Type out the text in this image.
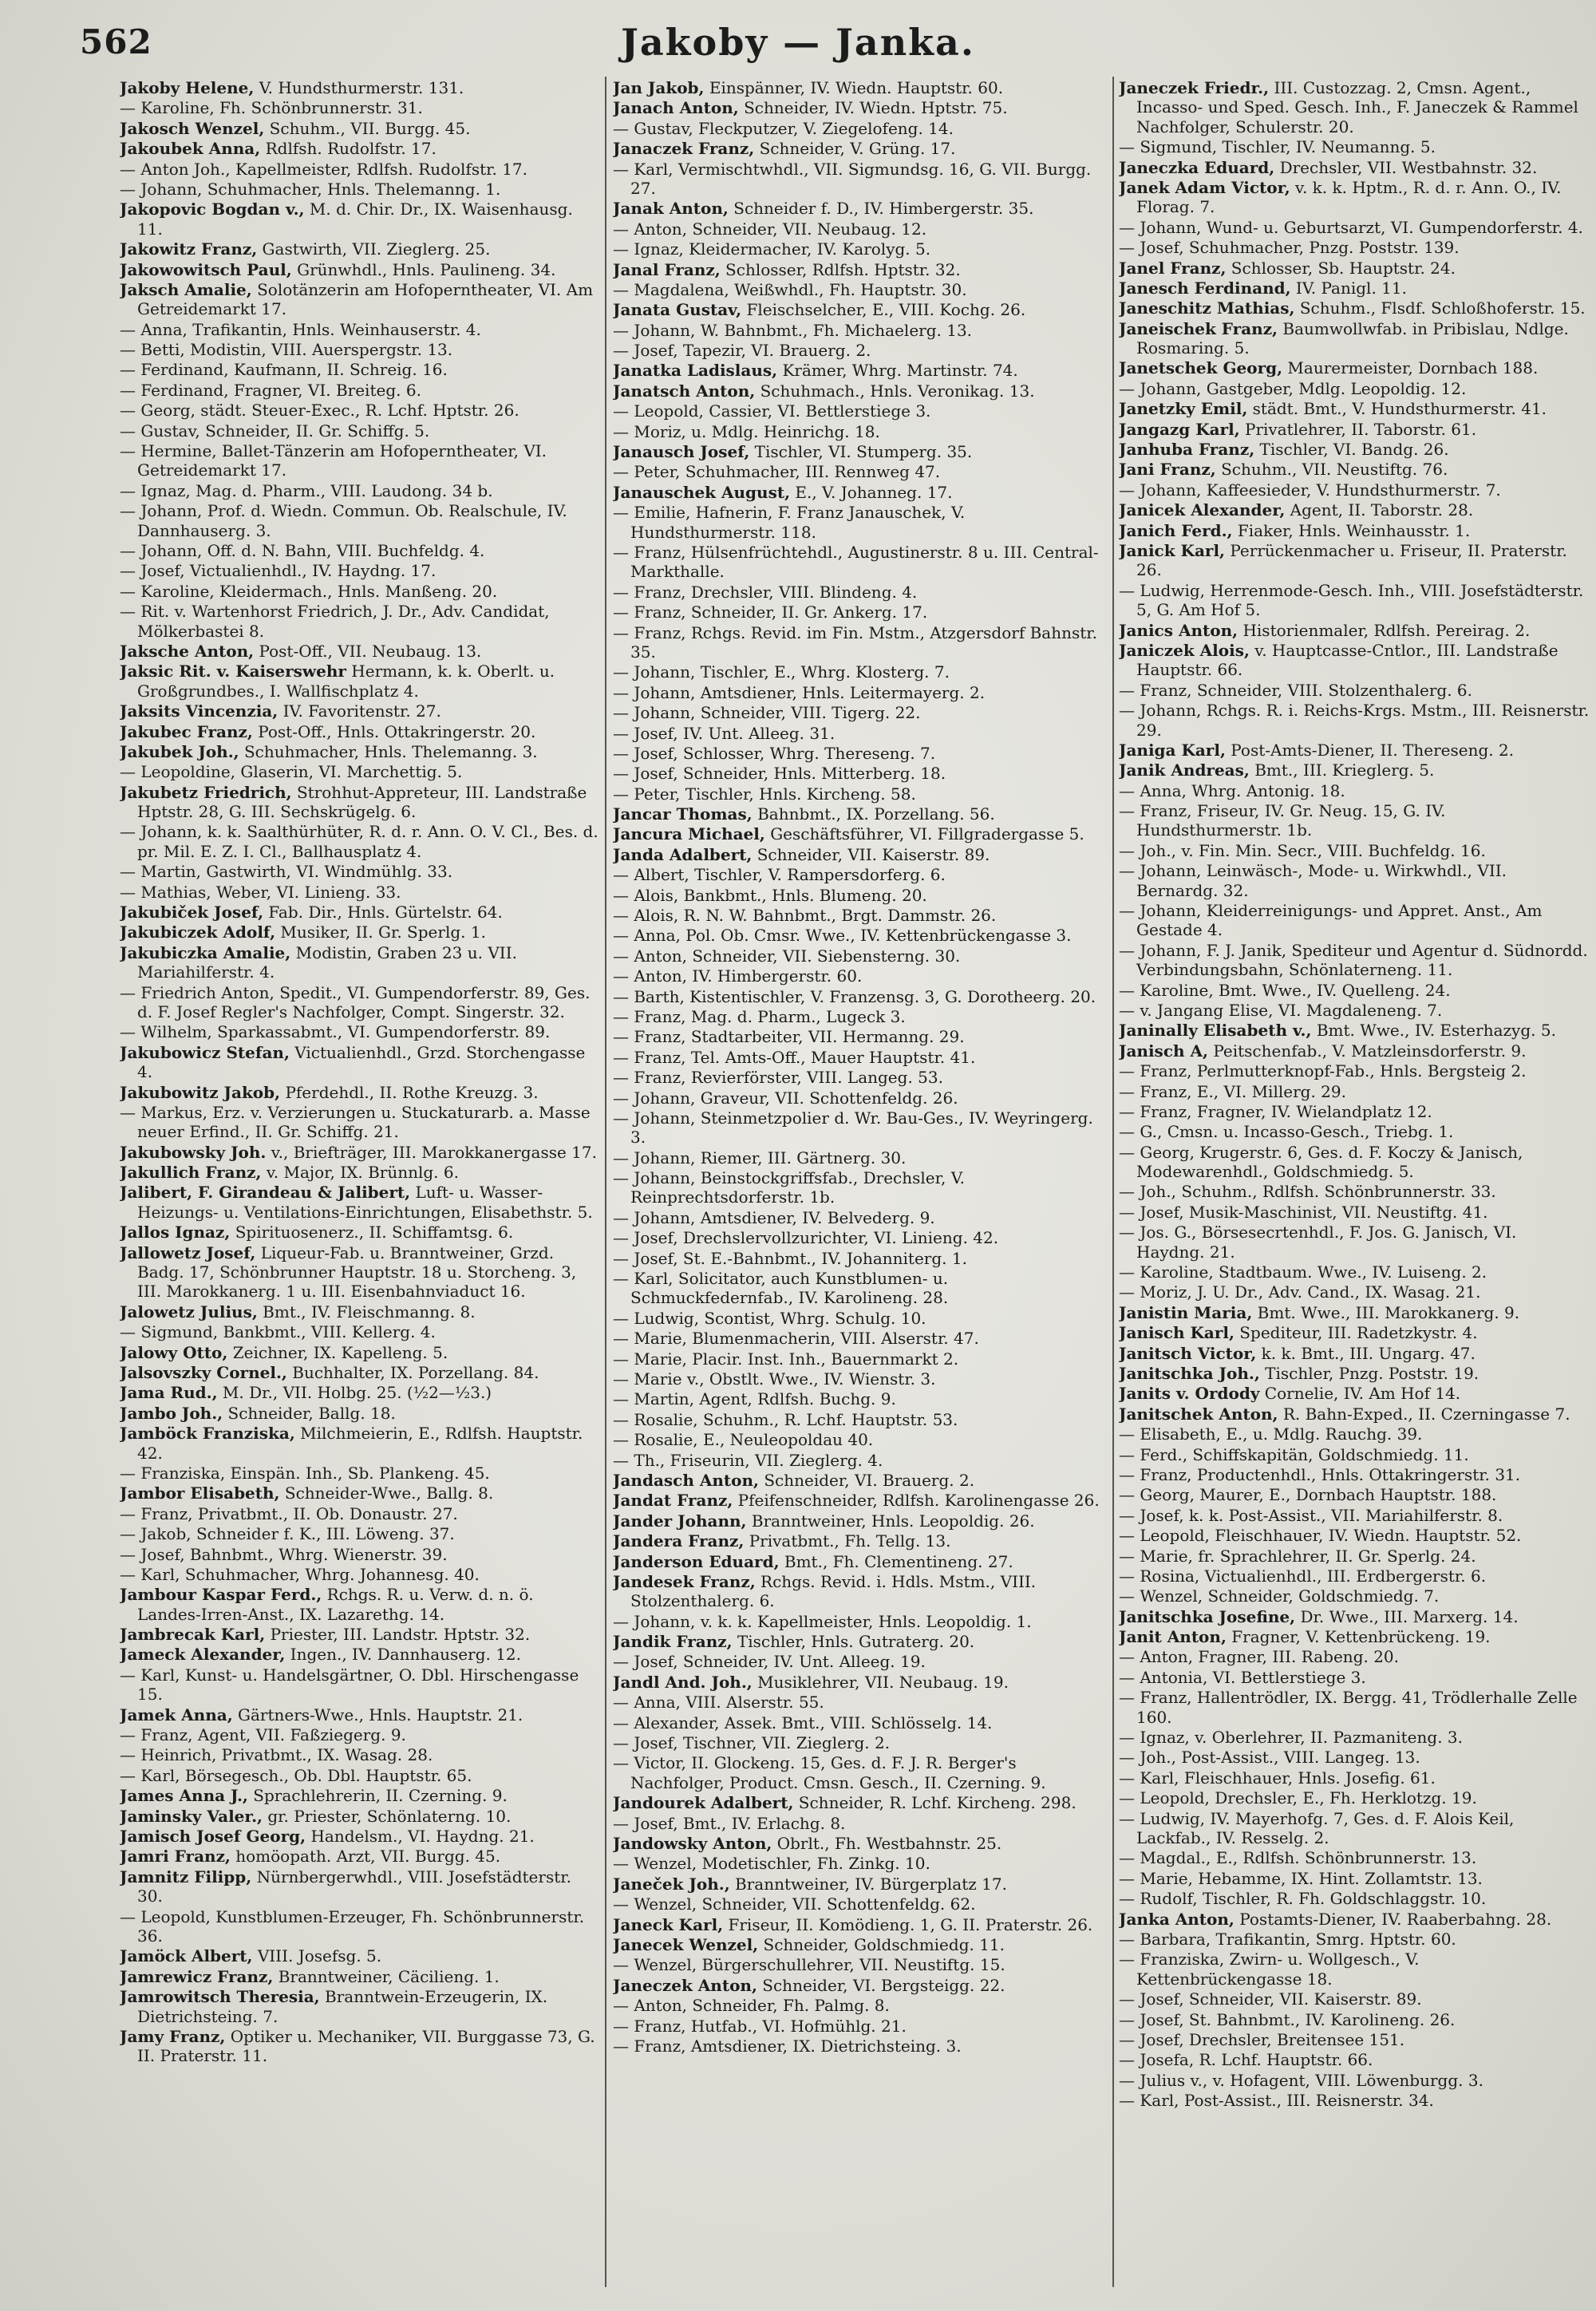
562	Jakoby — Janka.
Jakoby Helene, V. Hundsthurmerstr. 131.
— Karoline, Fh. Schönbrunnerstr. 31.
Jakosch Wenzel, Schuhm., VII. Burgg. 45.
Jakoubek Anna, Rdlfsh. Rudolfstr. 17.
— Anton Joh., Kapellmeister, Rdlfsh. Rudolfstr. 17.
— Johann, Schuhmacher, Hnls. Thelemanng. 1.
Jakopovic Bogdan v., M. d. Chir. Dr., IX. Waisenhausg. 11.
Jakowitz Franz, Gastwirth, VII. Zieglerg. 25.
Jakowowitsch Paul, Grünwhdl., Hnls. Paulineng. 34.
Jaksch Amalie, Solotänzerin am Hofoperntheater, VI. Am Getreidemarkt 17.
— Anna, Trafikantin, Hnls. Weinhauserstr. 4.
— Betti, Modistin, VIII. Auerspergstr. 13.
— Ferdinand, Kaufmann, II. Schreig. 16.
— Ferdinand, Fragner, VI. Breiteg. 6.
— Georg, städt. Steuer-Exec., R. Lchf. Hptstr. 26.
— Gustav, Schneider, II. Gr. Schiffg. 5.
— Hermine, Ballet-Tänzerin am Hofoperntheater, VI. Getreidemarkt 17.
— Ignaz, Mag. d. Pharm., VIII. Laudong. 34 b.
— Johann, Prof. d. Wiedn. Commun. Ob. Realschule, IV. Dannhauserg. 3.
— Johann, Off. d. N. Bahn, VIII. Buchfeldg. 4.
— Josef, Victualienhdl., IV. Haydng. 17.
— Karoline, Kleidermach., Hnls. Manßeng. 20.
— Rit. v. Wartenhorst Friedrich, J. Dr., Adv. Candidat, Mölkerbastei 8.
Jaksche Anton, Post-Off., VII. Neubaug. 13.
Jaksic Rit. v. Kaiserswehr Hermann, k. k. Oberlt. u. Großgrundbes., I. Wallfischplatz 4.
Jaksits Vincenzia, IV. Favoritenstr. 27.
Jakubec Franz, Post-Off., Hnls. Ottakringerstr. 20.
Jakubek Joh., Schuhmacher, Hnls. Thelemanng. 3.
— Leopoldine, Glaserin, VI. Marchettig. 5.
Jakubetz Friedrich, Strohhut-Appreteur, III. Landstraße Hptstr. 28, G. III. Sechskrügelg. 6.
— Johann, k. k. Saalthürhüter, R. d. r. Ann. O. V. Cl., Bes. d. pr. Mil. E. Z. I. Cl., Ballhausplatz 4.
— Martin, Gastwirth, VI. Windmühlg. 33.
— Mathias, Weber, VI. Linieng. 33.
Jakubiček Josef, Fab. Dir., Hnls. Gürtelstr. 64.
Jakubiczek Adolf, Musiker, II. Gr. Sperlg. 1.
Jakubiczka Amalie, Modistin, Graben 23 u. VII. Mariahilferstr. 4.
— Friedrich Anton, Spedit., VI. Gumpendorferstr. 89, Ges. d. F. Josef Regler's Nachfolger, Compt. Singerstr. 32.
— Wilhelm, Sparkassabmt., VI. Gumpendorferstr. 89.
Jakubowicz Stefan, Victualienhdl., Grzd. Storchengasse 4.
Jakubowitz Jakob, Pferdehdl., II. Rothe Kreuzg. 3.
— Markus, Erz. v. Verzierungen u. Stuckaturarb. a. Masse neuer Erfind., II. Gr. Schiffg. 21.
Jakubowsky Joh. v., Briefträger, III. Marokkanergasse 17.
Jakullich Franz, v. Major, IX. Brünnlg. 6.
Jalibert, F. Girandeau & Jalibert, Luft- u. Wasser-Heizungs- u. Ventilations-Einrichtungen, Elisabethstr. 5.
Jallos Ignaz, Spirituosenerz., II. Schiffamtsg. 6.
Jallowetz Josef, Liqueur-Fab. u. Branntweiner, Grzd. Badg. 17, Schönbrunner Hauptstr. 18 u. Storcheng. 3, III. Marokkanerg. 1 u. III. Eisenbahnviaduct 16.
Jalowetz Julius, Bmt., IV. Fleischmanng. 8.
— Sigmund, Bankbmt., VIII. Kellerg. 4.
Jalowy Otto, Zeichner, IX. Kapelleng. 5.
Jalsovszky Cornel., Buchhalter, IX. Porzellang. 84.
Jama Rud., M. Dr., VII. Holbg. 25. (½2—½3.)
Jambo Joh., Schneider, Ballg. 18.
Jamböck Franziska, Milchmeierin, E., Rdlfsh. Hauptstr. 42.
— Franziska, Einspän. Inh., Sb. Plankeng. 45.
Jambor Elisabeth, Schneider-Wwe., Ballg. 8.
— Franz, Privatbmt., II. Ob. Donaustr. 27.
— Jakob, Schneider f. K., III. Löweng. 37.
— Josef, Bahnbmt., Whrg. Wienerstr. 39.
— Karl, Schuhmacher, Whrg. Johannesg. 40.
Jambour Kaspar Ferd., Rchgs. R. u. Verw. d. n. ö. Landes-Irren-Anst., IX. Lazarethg. 14.
Jambrecak Karl, Priester, III. Landstr. Hptstr. 32.
Jameck Alexander, Ingen., IV. Dannhauserg. 12.
— Karl, Kunst- u. Handelsgärtner, O. Dbl. Hirschengasse 15.
Jamek Anna, Gärtners-Wwe., Hnls. Hauptstr. 21.
— Franz, Agent, VII. Faßziegerg. 9.
— Heinrich, Privatbmt., IX. Wasag. 28.
— Karl, Börsegesch., Ob. Dbl. Hauptstr. 65.
James Anna J., Sprachlehrerin, II. Czerning. 9.
Jaminsky Valer., gr. Priester, Schönlaterng. 10.
Jamisch Josef Georg, Handelsm., VI. Haydng. 21.
Jamri Franz, homöopath. Arzt, VII. Burgg. 45.
Jamnitz Filipp, Nürnbergerwhdl., VIII. Josefstädterstr. 30.
— Leopold, Kunstblumen-Erzeuger, Fh. Schönbrunnerstr. 36.
Jamöck Albert, VIII. Josefsg. 5.
Jamrewicz Franz, Branntweiner, Cäcilieng. 1.
Jamrowitsch Theresia, Branntwein-Erzeugerin, IX. Dietrichsteing. 7.
Jamy Franz, Optiker u. Mechaniker, VII. Burggasse 73, G. II. Praterstr. 11.
Jan Jakob, Einspänner, IV. Wiedn. Hauptstr. 60.
Janach Anton, Schneider, IV. Wiedn. Hptstr. 75.
— Gustav, Fleckputzer, V. Ziegelofeng. 14.
Janaczek Franz, Schneider, V. Grüng. 17.
— Karl, Vermischtwhdl., VII. Sigmundsg. 16, G. VII. Burgg. 27.
Janak Anton, Schneider f. D., IV. Himbergerstr. 35.
— Anton, Schneider, VII. Neubaug. 12.
— Ignaz, Kleidermacher, IV. Karolyg. 5.
Janal Franz, Schlosser, Rdlfsh. Hptstr. 32.
— Magdalena, Weißwhdl., Fh. Hauptstr. 30.
Janata Gustav, Fleischselcher, E., VIII. Kochg. 26.
— Johann, W. Bahnbmt., Fh. Michaelerg. 13.
— Josef, Tapezir, VI. Brauerg. 2.
Janatka Ladislaus, Krämer, Whrg. Martinstr. 74.
Janatsch Anton, Schuhmach., Hnls. Veronikag. 13.
— Leopold, Cassier, VI. Bettlerstiege 3.
— Moriz, u. Mdlg. Heinrichg. 18.
Janausch Josef, Tischler, VI. Stumperg. 35.
— Peter, Schuhmacher, III. Rennweg 47.
Janauschek August, E., V. Johanneg. 17.
— Emilie, Hafnerin, F. Franz Janauschek, V. Hundsthurmerstr. 118.
— Franz, Hülsenfrüchtehdl., Augustinerstr. 8 u. III. Central-Markthalle.
— Franz, Drechsler, VIII. Blindeng. 4.
— Franz, Schneider, II. Gr. Ankerg. 17.
— Franz, Rchgs. Revid. im Fin. Mstm., Atzgersdorf Bahnstr. 35.
— Johann, Tischler, E., Whrg. Klosterg. 7.
— Johann, Amtsdiener, Hnls. Leitermayerg. 2.
— Johann, Schneider, VIII. Tigerg. 22.
— Josef, IV. Unt. Alleeg. 31.
— Josef, Schlosser, Whrg. Thereseng. 7.
— Josef, Schneider, Hnls. Mitterberg. 18.
— Peter, Tischler, Hnls. Kircheng. 58.
Jancar Thomas, Bahnbmt., IX. Porzellang. 56.
Jancura Michael, Geschäftsführer, VI. Fillgradergasse 5.
Janda Adalbert, Schneider, VII. Kaiserstr. 89.
— Albert, Tischler, V. Rampersdorferg. 6.
— Alois, Bankbmt., Hnls. Blumeng. 20.
— Alois, R. N. W. Bahnbmt., Brgt. Dammstr. 26.
— Anna, Pol. Ob. Cmsr. Wwe., IV. Kettenbrückengasse 3.
— Anton, Schneider, VII. Siebensterng. 30.
— Anton, IV. Himbergerstr. 60.
— Barth, Kistentischler, V. Franzensg. 3, G. Dorotheerg. 20.
— Franz, Mag. d. Pharm., Lugeck 3.
— Franz, Stadtarbeiter, VII. Hermanng. 29.
— Franz, Tel. Amts-Off., Mauer Hauptstr. 41.
— Franz, Revierförster, VIII. Langeg. 53.
— Johann, Graveur, VII. Schottenfeldg. 26.
— Johann, Steinmetzpolier d. Wr. Bau-Ges., IV. Weyringerg. 3.
— Johann, Riemer, III. Gärtnerg. 30.
— Johann, Beinstockgriffsfab., Drechsler, V. Reinprechtsdorferstr. 1b.
— Johann, Amtsdiener, IV. Belvederg. 9.
— Josef, Drechslervollzurichter, VI. Linieng. 42.
— Josef, St. E.-Bahnbmt., IV. Johanniterg. 1.
— Karl, Solicitator, auch Kunstblumen- u. Schmuckfedernfab., IV. Karolineng. 28.
— Ludwig, Scontist, Whrg. Schulg. 10.
— Marie, Blumenmacherin, VIII. Alserstr. 47.
— Marie, Placir. Inst. Inh., Bauernmarkt 2.
— Marie v., Obstlt. Wwe., IV. Wienstr. 3.
— Martin, Agent, Rdlfsh. Buchg. 9.
— Rosalie, Schuhm., R. Lchf. Hauptstr. 53.
— Rosalie, E., Neuleopoldau 40.
— Th., Friseurin, VII. Zieglerg. 4.
Jandasch Anton, Schneider, VI. Brauerg. 2.
Jandat Franz, Pfeifenschneider, Rdlfsh. Karolinengasse 26.
Jander Johann, Branntweiner, Hnls. Leopoldig. 26.
Jandera Franz, Privatbmt., Fh. Tellg. 13.
Janderson Eduard, Bmt., Fh. Clementineng. 27.
Jandesek Franz, Rchgs. Revid. i. Hdls. Mstm., VIII. Stolzenthalerg. 6.
— Johann, v. k. k. Kapellmeister, Hnls. Leopoldig. 1.
Jandik Franz, Tischler, Hnls. Gutraterg. 20.
— Josef, Schneider, IV. Unt. Alleeg. 19.
Jandl And. Joh., Musiklehrer, VII. Neubaug. 19.
— Anna, VIII. Alserstr. 55.
— Alexander, Assek. Bmt., VIII. Schlösselg. 14.
— Josef, Tischner, VII. Zieglerg. 2.
— Victor, II. Glockeng. 15, Ges. d. F. J. R. Berger's Nachfolger, Product. Cmsn. Gesch., II. Czerning. 9.
Jandourek Adalbert, Schneider, R. Lchf. Kircheng. 298.
— Josef, Bmt., IV. Erlachg. 8.
Jandowsky Anton, Obrlt., Fh. Westbahnstr. 25.
— Wenzel, Modetischler, Fh. Zinkg. 10.
Janeček Joh., Branntweiner, IV. Bürgerplatz 17.
— Wenzel, Schneider, VII. Schottenfeldg. 62.
Janeck Karl, Friseur, II. Komödieng. 1, G. II. Praterstr. 26.
Janecek Wenzel, Schneider, Goldschmiedg. 11.
— Wenzel, Bürgerschullehrer, VII. Neustiftg. 15.
Janeczek Anton, Schneider, VI. Bergsteigg. 22.
— Anton, Schneider, Fh. Palmg. 8.
— Franz, Hutfab., VI. Hofmühlg. 21.
— Franz, Amtsdiener, IX. Dietrichsteing. 3.
Janeczek Friedr., III. Custozzag. 2, Cmsn. Agent., Incasso- und Sped. Gesch. Inh., F. Janeczek & Rammel Nachfolger, Schulerstr. 20.
— Sigmund, Tischler, IV. Neumanng. 5.
Janeczka Eduard, Drechsler, VII. Westbahnstr. 32.
Janek Adam Victor, v. k. k. Hptm., R. d. r. Ann. O., IV. Florag. 7.
— Johann, Wund- u. Geburtsarzt, VI. Gumpendorferstr. 4.
— Josef, Schuhmacher, Pnzg. Poststr. 139.
Janel Franz, Schlosser, Sb. Hauptstr. 24.
Janesch Ferdinand, IV. Panigl. 11.
Janeschitz Mathias, Schuhm., Flsdf. Schloßhoferstr. 15.
Janeischek Franz, Baumwollwfab. in Pribislau, Ndlge. Rosmaring. 5.
Janetschek Georg, Maurermeister, Dornbach 188.
— Johann, Gastgeber, Mdlg. Leopoldig. 12.
Janetzky Emil, städt. Bmt., V. Hundsthurmerstr. 41.
Jangazg Karl, Privatlehrer, II. Taborstr. 61.
Janhuba Franz, Tischler, VI. Bandg. 26.
Jani Franz, Schuhm., VII. Neustiftg. 76.
— Johann, Kaffeesieder, V. Hundsthurmerstr. 7.
Janicek Alexander, Agent, II. Taborstr. 28.
Janich Ferd., Fiaker, Hnls. Weinhausstr. 1.
Janick Karl, Perrückenmacher u. Friseur, II. Praterstr. 26.
— Ludwig, Herrenmode-Gesch. Inh., VIII. Josefstädterstr. 5, G. Am Hof 5.
Janics Anton, Historienmaler, Rdlfsh. Pereirag. 2.
Janiczek Alois, v. Hauptcasse-Cntlor., III. Landstraße Hauptstr. 66.
— Franz, Schneider, VIII. Stolzenthalerg. 6.
— Johann, Rchgs. R. i. Reichs-Krgs. Mstm., III. Reisnerstr. 29.
Janiga Karl, Post-Amts-Diener, II. Thereseng. 2.
Janik Andreas, Bmt., III. Krieglerg. 5.
— Anna, Whrg. Antonig. 18.
— Franz, Friseur, IV. Gr. Neug. 15, G. IV. Hundsthurmerstr. 1b.
— Joh., v. Fin. Min. Secr., VIII. Buchfeldg. 16.
— Johann, Leinwäsch-, Mode- u. Wirkwhdl., VII. Bernardg. 32.
— Johann, Kleiderreinigungs- und Appret. Anst., Am Gestade 4.
— Johann, F. J. Janik, Spediteur und Agentur d. Südnordd. Verbindungsbahn, Schönlaterneng. 11.
— Karoline, Bmt. Wwe., IV. Quelleng. 24.
— v. Jangang Elise, VI. Magdaleneng. 7.
Janinally Elisabeth v., Bmt. Wwe., IV. Esterhazyg. 5.
Janisch A, Peitschenfab., V. Matzleinsdorferstr. 9.
— Franz, Perlmutterknopf-Fab., Hnls. Bergsteig 2.
— Franz, E., VI. Millerg. 29.
— Franz, Fragner, IV. Wielandplatz 12.
— G., Cmsn. u. Incasso-Gesch., Triebg. 1.
— Georg, Krugerstr. 6, Ges. d. F. Koczy & Janisch, Modewarenhdl., Goldschmiedg. 5.
— Joh., Schuhm., Rdlfsh. Schönbrunnerstr. 33.
— Josef, Musik-Maschinist, VII. Neustiftg. 41.
— Jos. G., Börsesecrtenhdl., F. Jos. G. Janisch, VI. Haydng. 21.
— Karoline, Stadtbaum. Wwe., IV. Luiseng. 2.
— Moriz, J. U. Dr., Adv. Cand., IX. Wasag. 21.
Janistin Maria, Bmt. Wwe., III. Marokkanerg. 9.
Janisch Karl, Spediteur, III. Radetzkystr. 4.
Janitsch Victor, k. k. Bmt., III. Ungarg. 47.
Janitschka Joh., Tischler, Pnzg. Poststr. 19.
Janits v. Ordody Cornelie, IV. Am Hof 14.
Janitschek Anton, R. Bahn-Exped., II. Czerningasse 7.
— Elisabeth, E., u. Mdlg. Rauchg. 39.
— Ferd., Schiffskapitän, Goldschmiedg. 11.
— Franz, Productenhdl., Hnls. Ottakringerstr. 31.
— Georg, Maurer, E., Dornbach Hauptstr. 188.
— Josef, k. k. Post-Assist., VII. Mariahilferstr. 8.
— Leopold, Fleischhauer, IV. Wiedn. Hauptstr. 52.
— Marie, fr. Sprachlehrer, II. Gr. Sperlg. 24.
— Rosina, Victualienhdl., III. Erdbergerstr. 6.
— Wenzel, Schneider, Goldschmiedg. 7.
Janitschka Josefine, Dr. Wwe., III. Marxerg. 14.
Janit Anton, Fragner, V. Kettenbrückeng. 19.
— Anton, Fragner, III. Rabeng. 20.
— Antonia, VI. Bettlerstiege 3.
— Franz, Hallentrödler, IX. Bergg. 41, Trödlerhalle Zelle 160.
— Ignaz, v. Oberlehrer, II. Pazmaniteng. 3.
— Joh., Post-Assist., VIII. Langeg. 13.
— Karl, Fleischhauer, Hnls. Josefig. 61.
— Leopold, Drechsler, E., Fh. Herklotzg. 19.
— Ludwig, IV. Mayerhofg. 7, Ges. d. F. Alois Keil, Lackfab., IV. Resselg. 2.
— Magdal., E., Rdlfsh. Schönbrunnerstr. 13.
— Marie, Hebamme, IX. Hint. Zollamtstr. 13.
— Rudolf, Tischler, R. Fh. Goldschlaggstr. 10.
Janka Anton, Postamts-Diener, IV. Raaberbahng. 28.
— Barbara, Trafikantin, Smrg. Hptstr. 60.
— Franziska, Zwirn- u. Wollgesch., V. Kettenbrückengasse 18.
— Josef, Schneider, VII. Kaiserstr. 89.
— Josef, St. Bahnbmt., IV. Karolineng. 26.
— Josef, Drechsler, Breitensee 151.
— Josefa, R. Lchf. Hauptstr. 66.
— Julius v., v. Hofagent, VIII. Löwenburgg. 3.
— Karl, Post-Assist., III. Reisnerstr. 34.
